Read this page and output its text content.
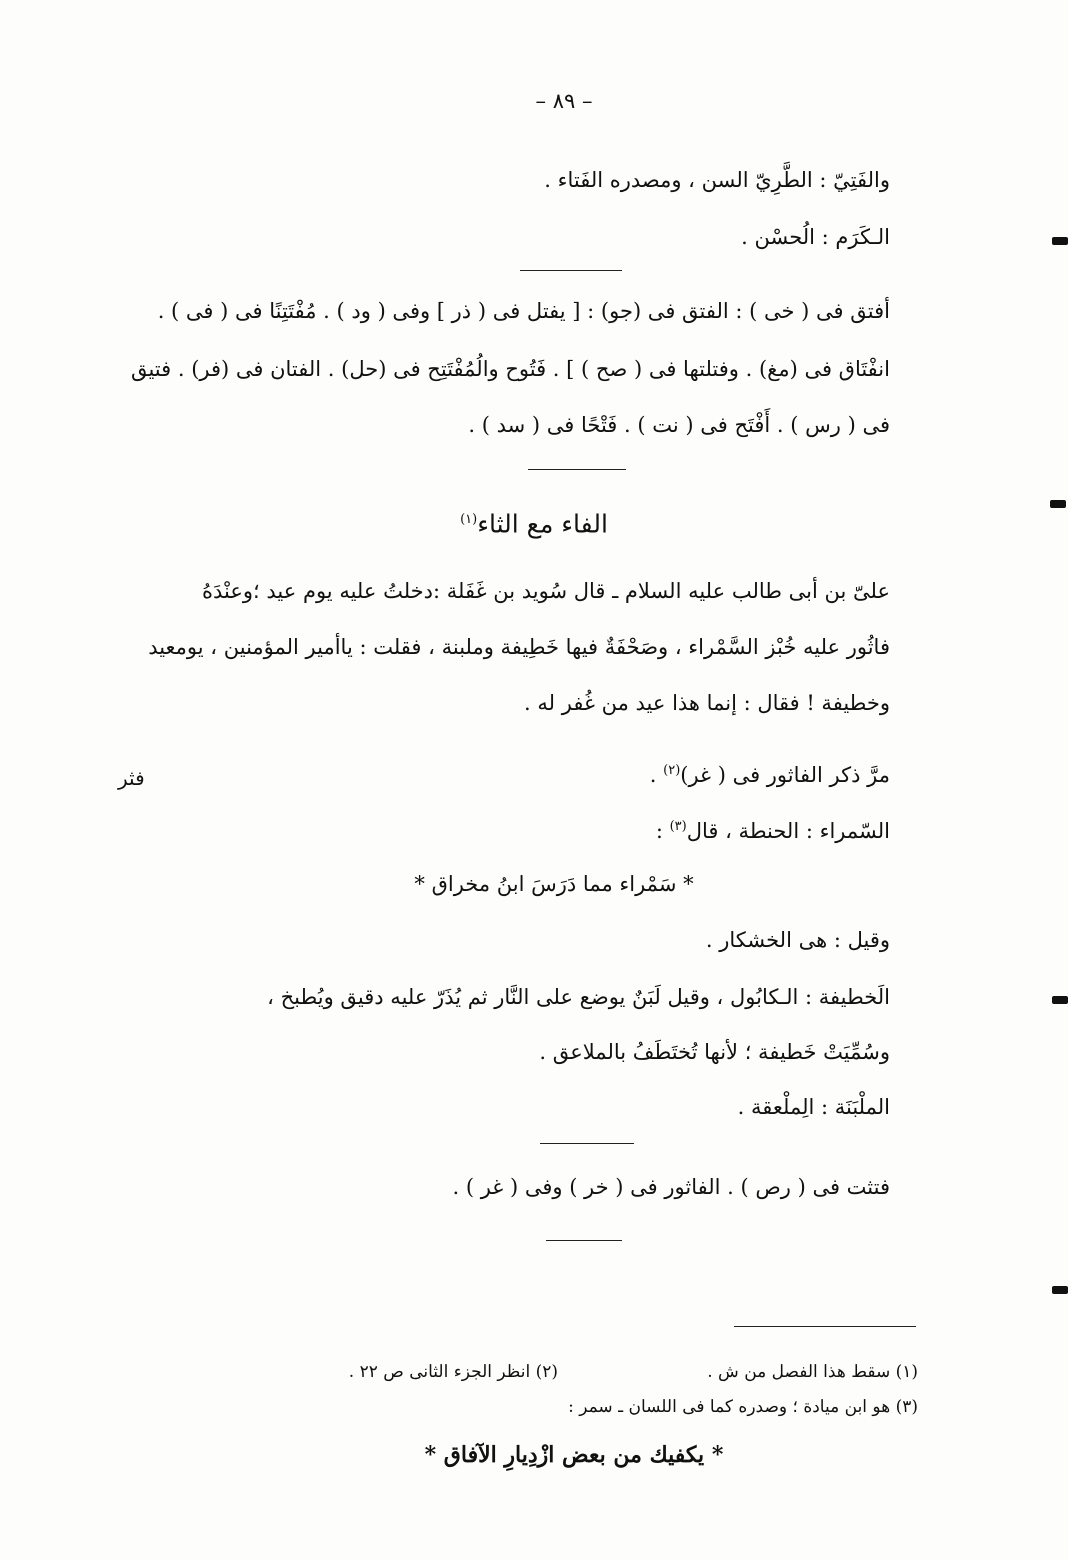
– ٨٩ –
والفَتِيّ : الطَّرِيّ السن ، ومصدره الفَتاء .
الـكَرَم : الُحسْن .
أفتق فى ( خى ) : الفتق فى (جو) : [ يفتل فى ( ذر ] وفى ( ود ) . مُفْتَتِنًا فى ( فى ) .
انفْتَاق فى (مغ) . وفتلتها فى ( صح ) ] . فَتُوح والُمُفْتَتِح فى (حل) . الفتان فى (فر) . فتيق
فى ( رس ) . أَفْتَح فى ( نت ) . فَتْحًا فى ( سد ) .
الفاء مع الثاء$^{(١)}$
علىّ بن أبى طالب عليه السلام ـ قال سُويد بن غَفَلة :دخلتُ عليه يوم عيد ؛وعنْدَهُ
فاثُور عليه خُبْز السَّمْراء ، وصَحْفَةٌ فيها خَطِيفة وملبنة ، فقلت : ياأمير المؤمنين ، يومعيد
وخطيفة ! فقال : إنما هذا عيد من غُفر له .
فثر	مرَّ ذكر الفاثور فى ( غر)$^{(٢)}$ .
السّمراء : الحنطة ، قال$^{(٣)}$ :
* سَمْراء مما دَرَسَ ابنُ مخراق *
وقيل : هى الخشكار .
الَخطيفة : الـكابُول ، وقيل لَبَنٌ يوضع على النَّار ثم يُذَرّ عليه دقيق ويُطبخ ،
وسُمِّيَتْ خَطيفة ؛ لأنها تُختَطَفُ بالملاعق .
الملْبَنَة : الِملْعقة .
فتثت فى ( رص ) . الفاثور فى ( خر ) وفى ( غر ) .
(١) سقط هذا الفصل من ش .
(٢) انظر الجزء الثانى ص ٢٢ .
(٣) هو ابن ميادة ؛ وصدره كما فى اللسان ـ سمر :
* يكفيك من بعض ازْدِيارِ الآفاق *
